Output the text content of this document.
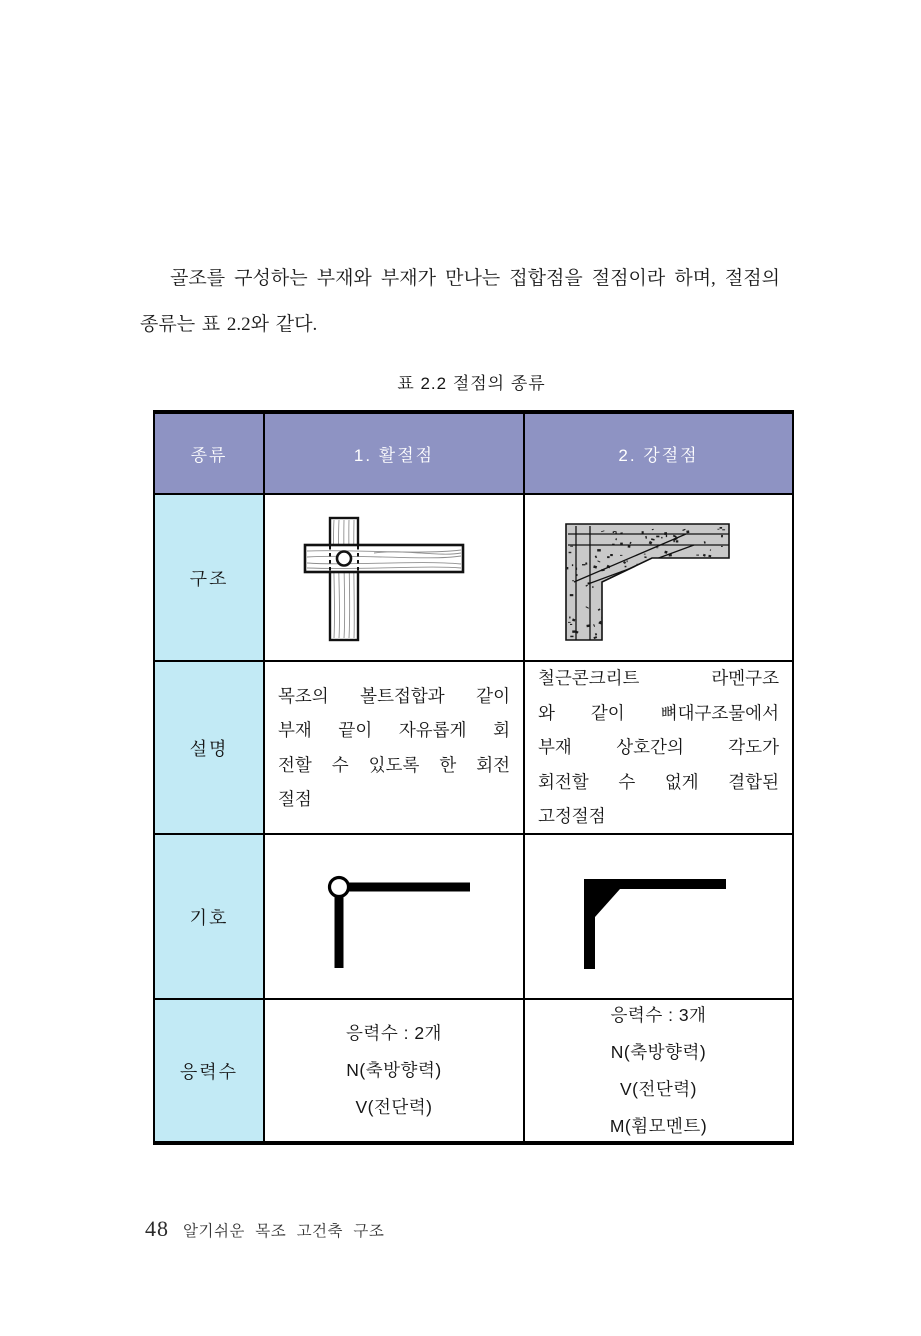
골조를 구성하는 부재와 부재가 만나는 접합점을 절점이라 하며, 절점의 종류는 표 2.2와 같다.

표 2.2 절점의 종류
종류	1. 활절점	2. 강절점
구조
설명
목조의 볼트접합과 같이
부재 끝이 자유롭게 회
전할 수 있도록 한 회전
절점
철근콘크리트 라멘구조
와 같이 뼈대구조물에서
부재 상호간의 각도가
회전할 수 없게 결합된
고정절점
기호
응력수
응력수 : 2개
N(축방향력)
V(전단력)
응력수 : 3개
N(축방향력)
V(전단력)
M(휨모멘트)
48 알기쉬운 목조 고건축 구조
